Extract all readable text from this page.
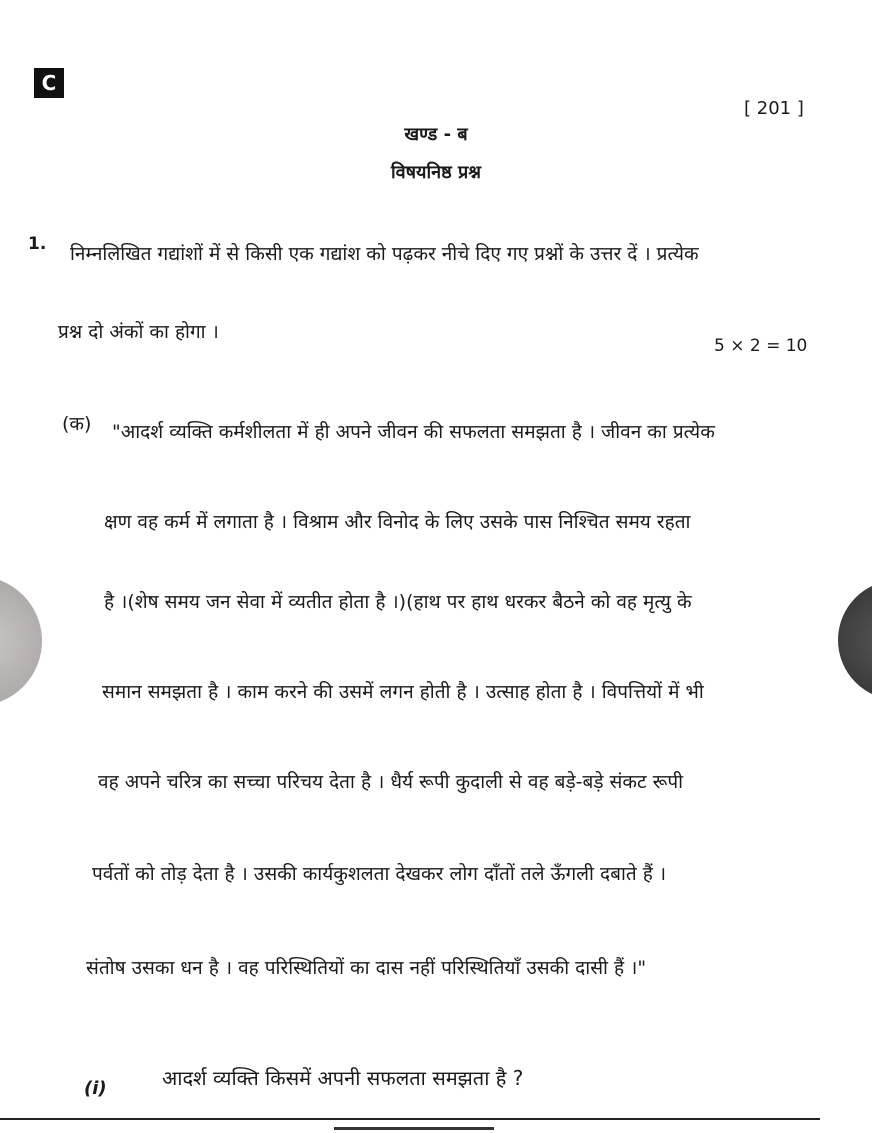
C
[ 201 ]
खण्ड - ब
विषयनिष्ठ प्रश्न
1. निम्नलिखित गद्यांशों में से किसी एक गद्यांश को पढ़कर नीचे दिए गए प्रश्नों के उत्तर दें । प्रत्येक
प्रश्न दो अंकों का होगा ।
5 × 2 = 10
(क) "आदर्श व्यक्ति कर्मशीलता में ही अपने जीवन की सफलता समझता है । जीवन का प्रत्येक
क्षण वह कर्म में लगाता है । विश्राम और विनोद के लिए उसके पास निश्चित समय रहता
है ।(शेष समय जन सेवा में व्यतीत होता है ।)(हाथ पर हाथ धरकर बैठने को वह मृत्यु के
समान समझता है । काम करने की उसमें लगन होती है । उत्साह होता है । विपत्तियों में भी
वह अपने चरित्र का सच्चा परिचय देता है । धैर्य रूपी कुदाली से वह बड़े-बड़े संकट रूपी
पर्वतों को तोड़ देता है । उसकी कार्यकुशलता देखकर लोग दाँतों तले ऊँगली दबाते हैं ।
संतोष उसका धन है । वह परिस्थितियों का दास नहीं परिस्थितियाँ उसकी दासी हैं ।"
(i)	आदर्श व्यक्ति किसमें अपनी सफलता समझता है ?
